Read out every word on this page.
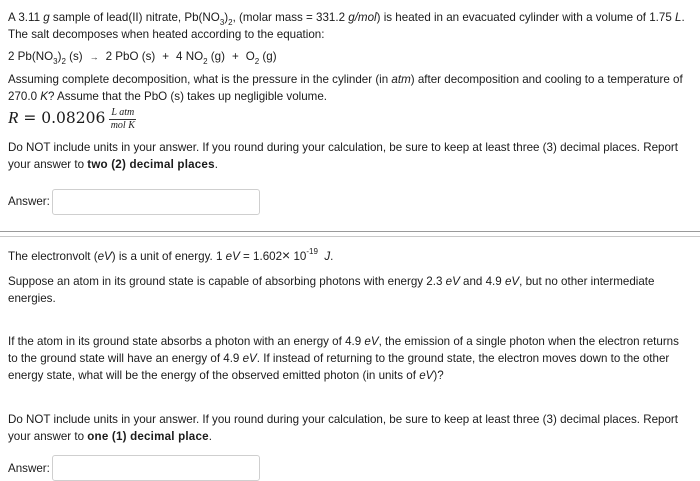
A 3.11 g sample of lead(II) nitrate, $Pb(NO_3)_2$, (molar mass = 331.2 g/mol) is heated in an evacuated cylinder with a volume of 1.75 L.
The salt decomposes when heated according to the equation:

2 $Pb(NO_3)_2$ (s) → 2 PbO (s) + 4 $NO_2$ $(g) + O_2$ (g)

Assuming complete decomposition, what is the pressure in the cylinder (in atm) after decomposition and cooling to a temperature of 270.0 K? Assume that the PbO (s) takes up negligible volume.

$R = 0.08206 \frac{\text{L atm}}{\text{mol K}}$

Do NOT include units in your answer. If you round during your calculation, be sure to keep at least three (3) decimal places. Report your answer to two (2) decimal places.

Answer:

The electronvolt (eV) is a unit of energy. 1 eV = $1.602\times 10^{-19}$ J.

Suppose an atom in its ground state is capable of absorbing photons with energy 2.3 eV and 4.9 eV, but no other intermediate energies.

If the atom in its ground state absorbs a photon with an energy of 4.9 eV, the emission of a single photon when the electron returns to the ground state will have an energy of 4.9 eV. If instead of returning to the ground state, the electron moves down to the other energy state, what will be the energy of the observed emitted photon (in units of eV)?

Do NOT include units in your answer. If you round during your calculation, be sure to keep at least three (3) decimal places. Report your answer to one (1) decimal place.

Answer:
